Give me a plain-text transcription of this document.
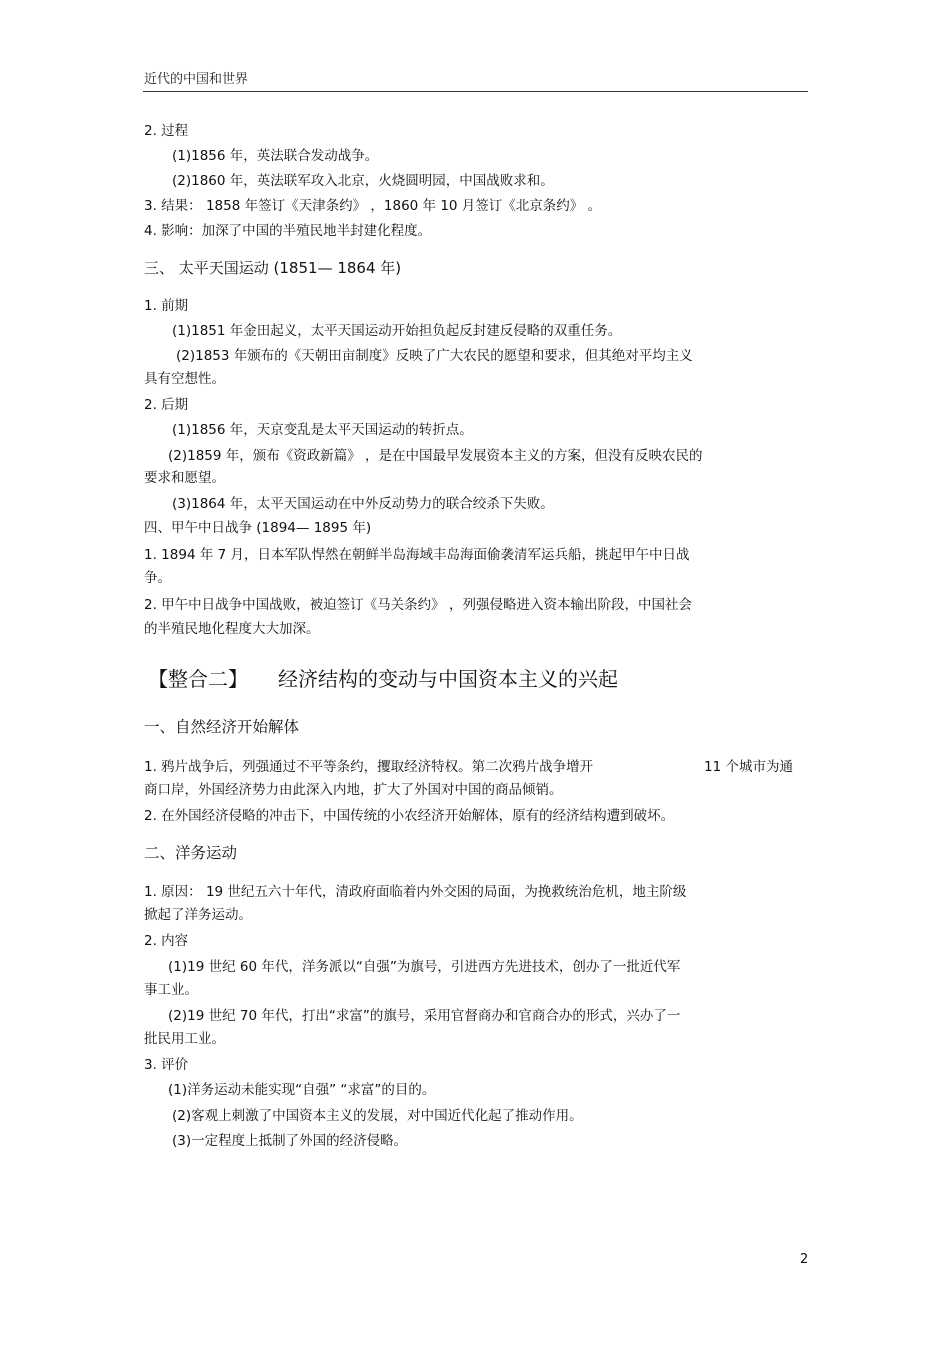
近代的中国和世界
2. 过程
(1)1856 年，英法联合发动战争。
(2)1860 年，英法联军攻入北京，火烧圆明园，中国战败求和。
3. 结果： 1858 年签订《天津条约》 ，1860 年 10 月签订《北京条约》 。
4. 影响：加深了中国的半殖民地半封建化程度。
三、 太平天国运动 (1851— 1864 年)
1. 前期
(1)1851 年金田起义，太平天国运动开始担负起反封建反侵略的双重任务。
(2)1853 年颁布的《天朝田亩制度》反映了广大农民的愿望和要求，但其绝对平均主义
具有空想性。
2. 后期
(1)1856 年，天京变乱是太平天国运动的转折点。
(2)1859 年，颁布《资政新篇》 ，是在中国最早发展资本主义的方案，但没有反映农民的
要求和愿望。
(3)1864 年，太平天国运动在中外反动势力的联合绞杀下失败。
四、甲午中日战争 (1894— 1895 年)
1. 1894 年 7 月，日本军队悍然在朝鲜半岛海域丰岛海面偷袭清军运兵船，挑起甲午中日战
争。
2. 甲午中日战争中国战败，被迫签订《马关条约》 ，列强侵略进入资本输出阶段，中国社会
的半殖民地化程度大大加深。
【整合二】 经济结构的变动与中国资本主义的兴起
一、自然经济开始解体
1. 鸦片战争后，列强通过不平等条约，攫取经济特权。第二次鸦片战争增开	11 个城市为通
商口岸，外国经济势力由此深入内地，扩大了外国对中国的商品倾销。
2. 在外国经济侵略的冲击下，中国传统的小农经济开始解体，原有的经济结构遭到破坏。
二、洋务运动
1. 原因： 19 世纪五六十年代，清政府面临着内外交困的局面，为挽救统治危机，地主阶级
掀起了洋务运动。
2. 内容
(1)19 世纪 60 年代，洋务派以“自强”为旗号，引进西方先进技术，创办了一批近代军
事工业。
(2)19 世纪 70 年代，打出“求富”的旗号，采用官督商办和官商合办的形式，兴办了一
批民用工业。
3. 评价
(1)洋务运动未能实现“自强” “求富”的目的。
(2)客观上刺激了中国资本主义的发展，对中国近代化起了推动作用。
(3)一定程度上抵制了外国的经济侵略。
2
